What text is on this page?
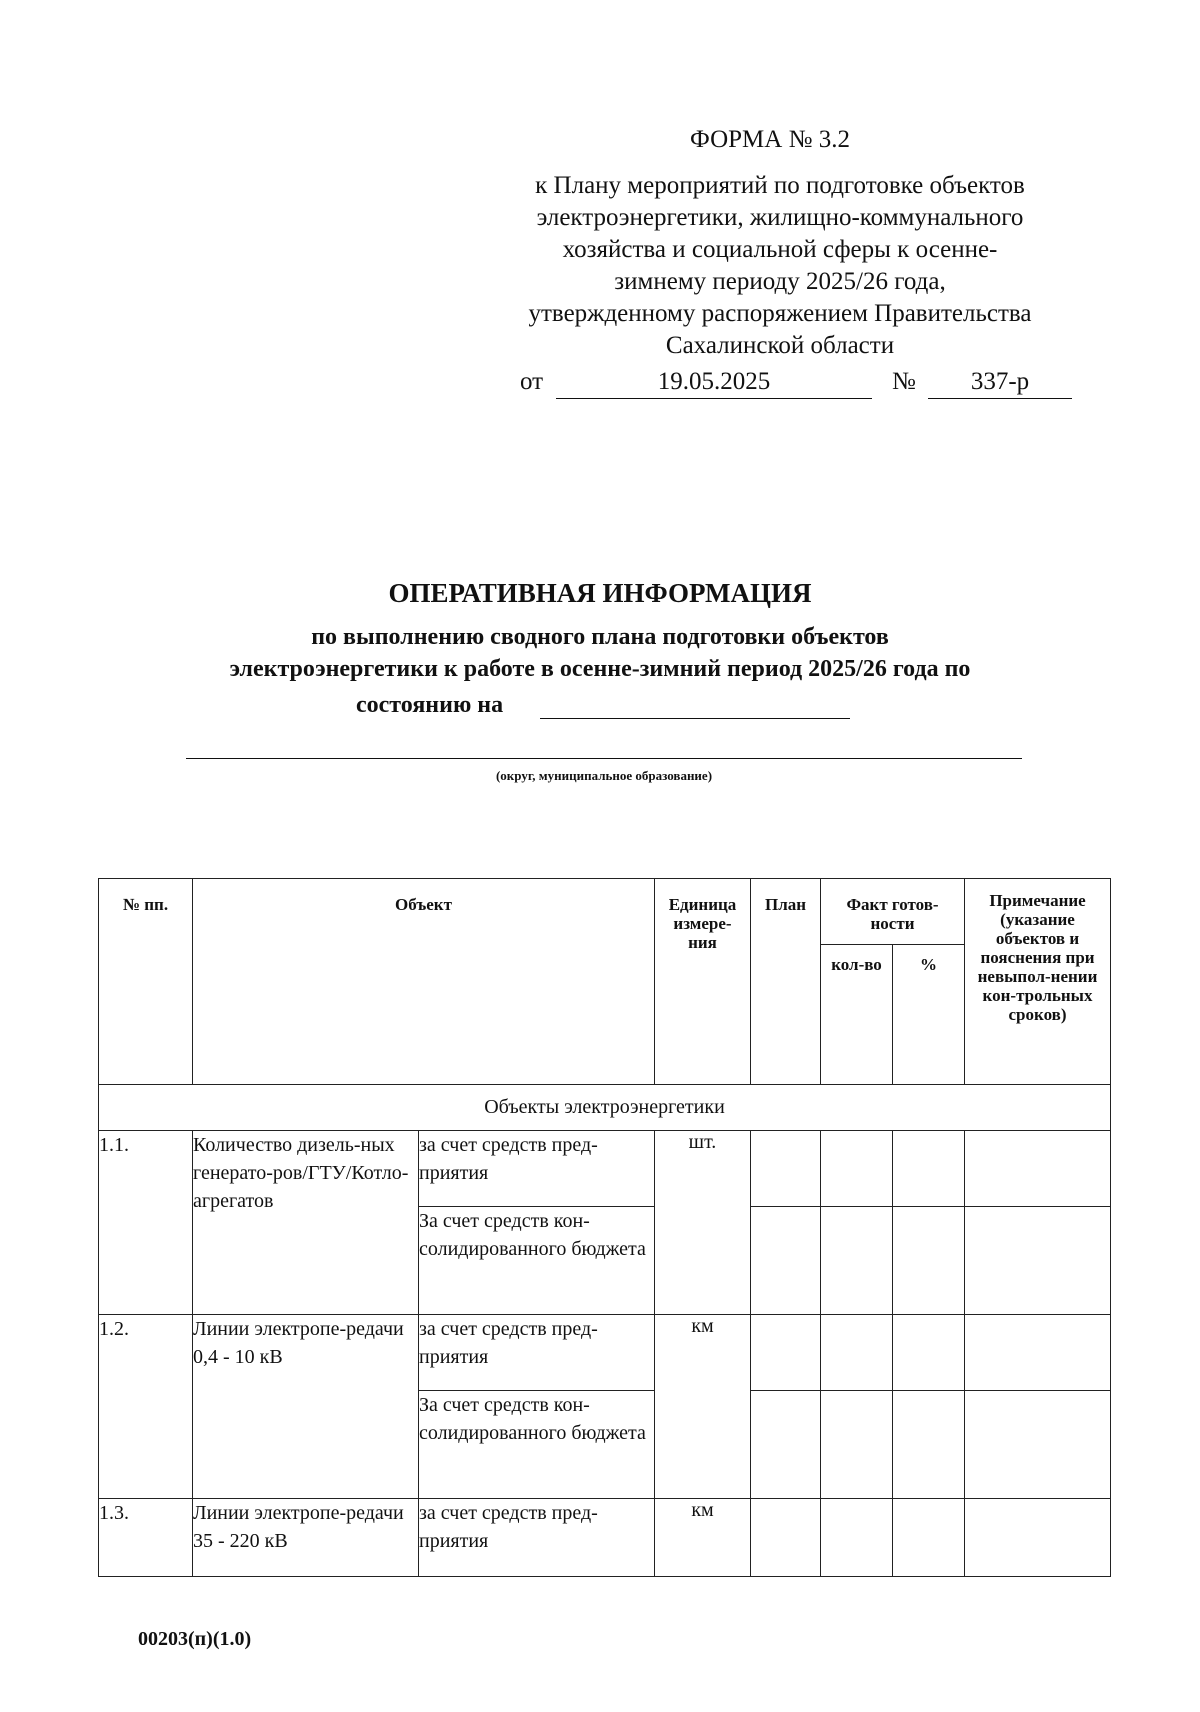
ФОРМА № 3.2
к Плану мероприятий по подготовке объектов
электроэнергетики, жилищно-коммунального
хозяйства и социальной сферы к осенне-
зимнему периоду 2025/26 года,
утвержденному распоряжением Правительства
Сахалинской области
от	19.05.2025	№	337-р
ОПЕРАТИВНАЯ ИНФОРМАЦИЯ
по выполнению сводного плана подготовки объектов
электроэнергетики к работе в осенне-зимний период 2025/26 года по
состоянию на
(округ, муниципальное образование)
№ пп.	Объект		Единица измере-ния	План	Факт готов-ности		Примечание (указание объектов и пояснения при невыпол-нении кон-трольных сроков)
					кол-во	%	
Объекты электроэнергетики							
1.1.	Количество дизель-ных генерато-ров/ГТУ/Котло-агрегатов	за счет средств пред-приятия	шт.				
		За счет средств кон-солидированного бюджета					
1.2.	Линии электропе-редачи 0,4 - 10 кВ	за счет средств пред-приятия	км				
		За счет средств кон-солидированного бюджета					
1.3.	Линии электропе-редачи 35 - 220 кВ	за счет средств пред-приятия	км				
00203(п)(1.0)
